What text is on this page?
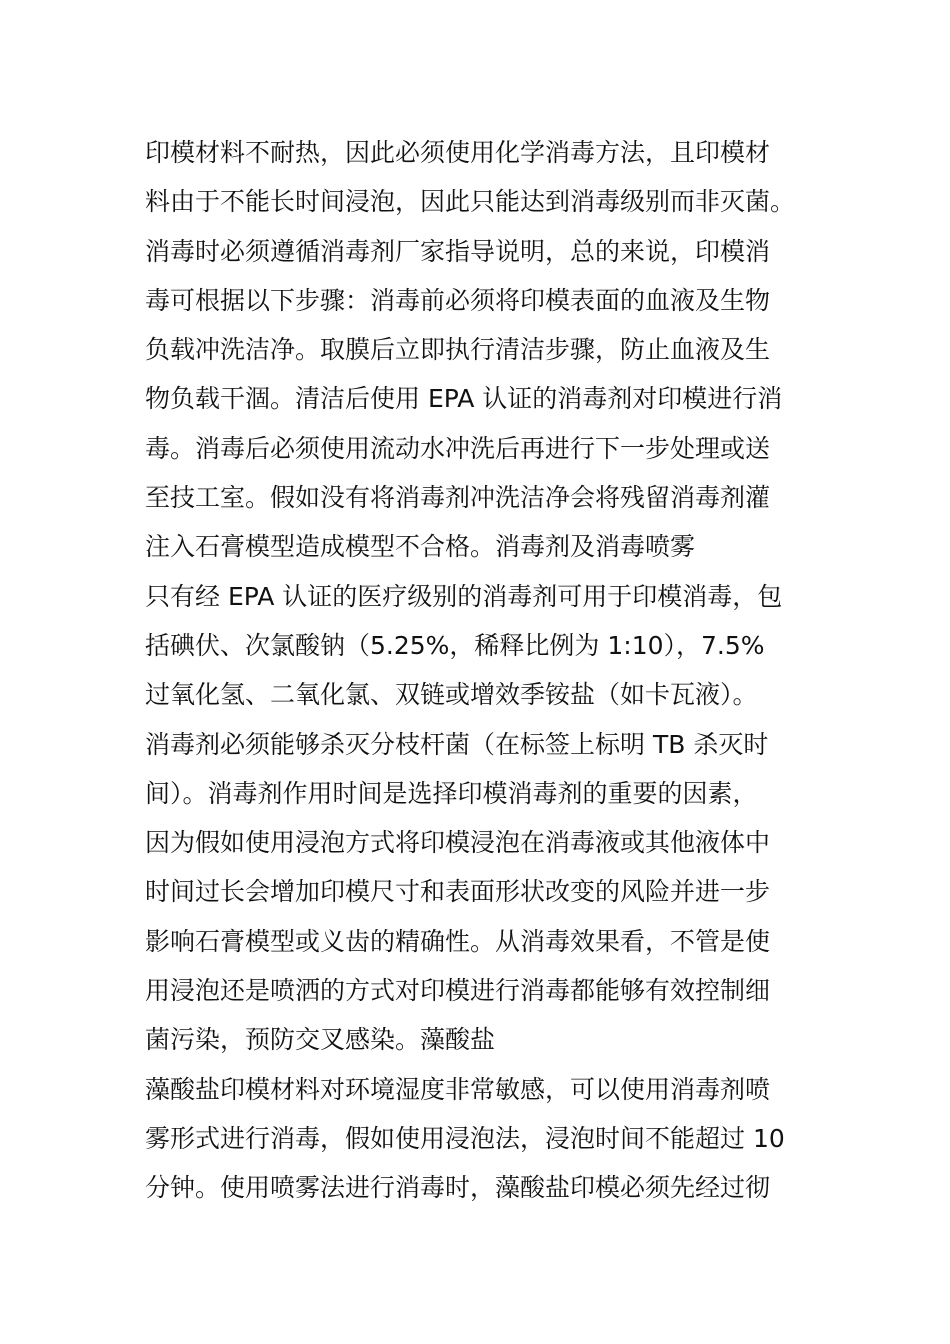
印模材料不耐热，因此必须使用化学消毒方法，且印模材
料由于不能长时间浸泡，因此只能达到消毒级别而非灭菌。
消毒时必须遵循消毒剂厂家指导说明，总的来说，印模消
毒可根据以下步骤：消毒前必须将印模表面的血液及生物
负载冲洗洁净。取膜后立即执行清洁步骤，防止血液及生
物负载干涸。清洁后使用 EPA 认证的消毒剂对印模进行消
毒。消毒后必须使用流动水冲洗后再进行下一步处理或送
至技工室。假如没有将消毒剂冲洗洁净会将残留消毒剂灌
注入石膏模型造成模型不合格。消毒剂及消毒喷雾
只有经 EPA 认证的医疗级别的消毒剂可用于印模消毒，包
括碘伏、次氯酸钠（5.25%，稀释比例为 1:10），7.5%
过氧化氢、二氧化氯、双链或增效季铵盐（如卡瓦液）。
消毒剂必须能够杀灭分枝杆菌（在标签上标明 TB 杀灭时
间）。消毒剂作用时间是选择印模消毒剂的重要的因素，
因为假如使用浸泡方式将印模浸泡在消毒液或其他液体中
时间过长会增加印模尺寸和表面形状改变的风险并进一步
影响石膏模型或义齿的精确性。从消毒效果看，不管是使
用浸泡还是喷洒的方式对印模进行消毒都能够有效控制细
菌污染，预防交叉感染。藻酸盐
藻酸盐印模材料对环境湿度非常敏感，可以使用消毒剂喷
雾形式进行消毒，假如使用浸泡法，浸泡时间不能超过 10
分钟。使用喷雾法进行消毒时，藻酸盐印模必须先经过彻
